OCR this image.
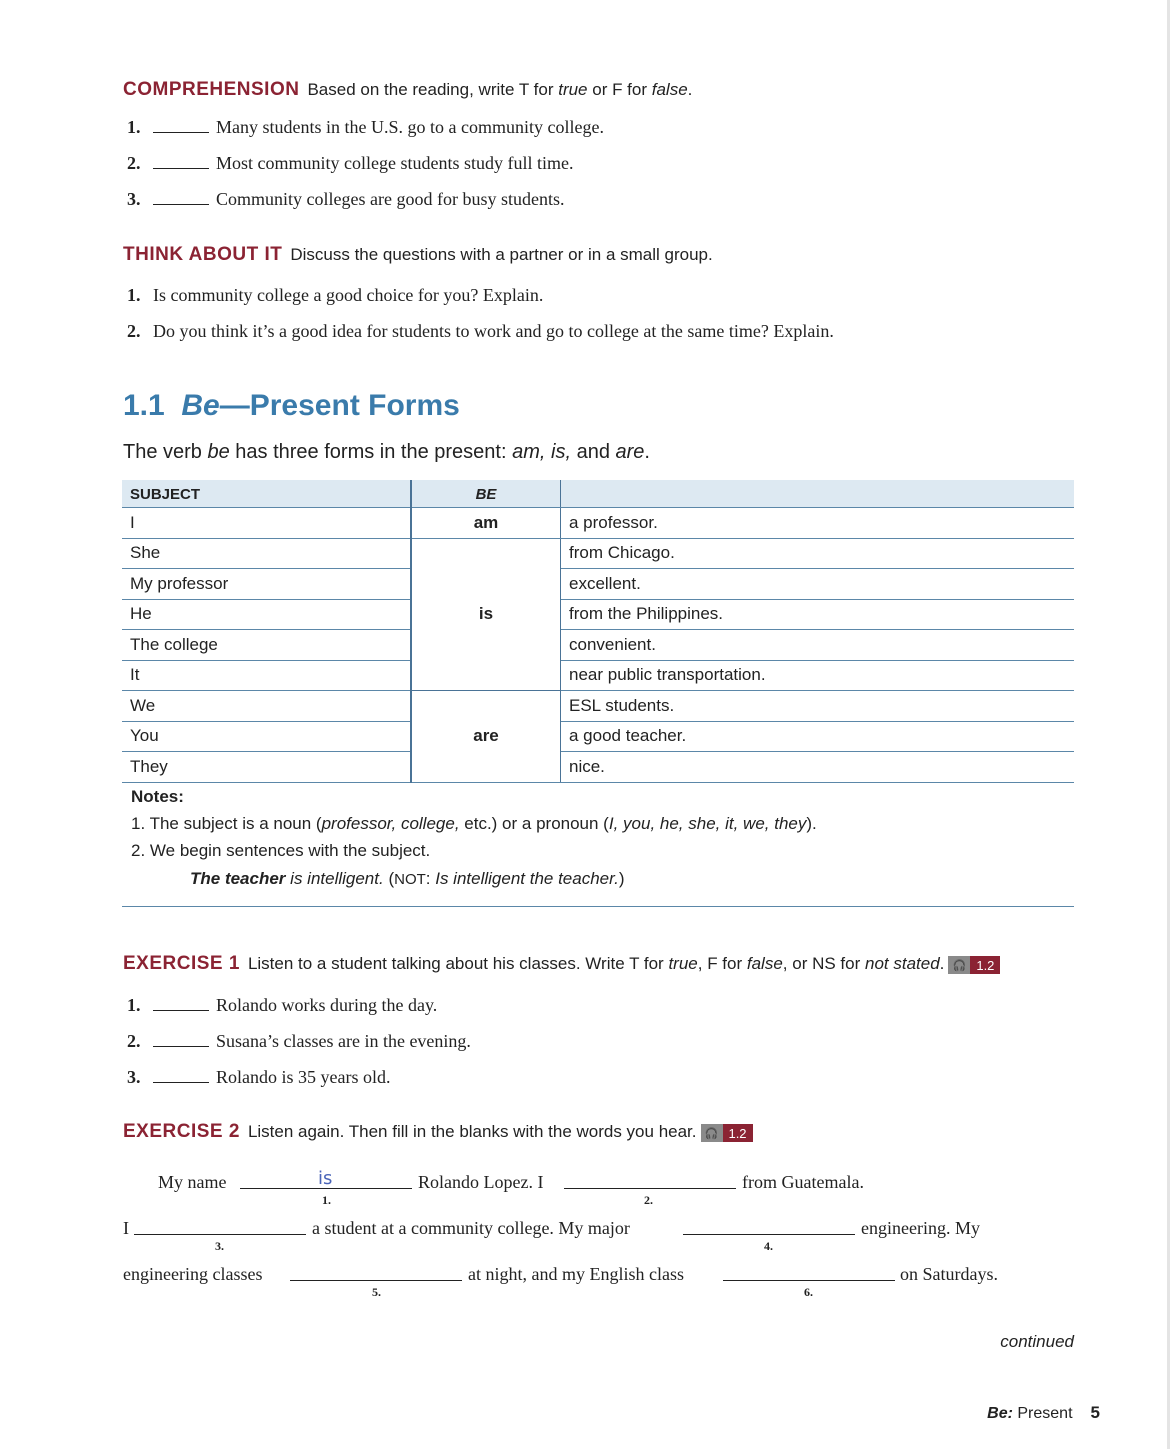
COMPREHENSION Based on the reading, write T for true or F for false.
1.	Many students in the U.S. go to a community college.
2.	Most community college students study full time.
3.	Community colleges are good for busy students.
THINK ABOUT IT Discuss the questions with a partner or in a small group.
1. Is community college a good choice for you? Explain.
2. Do you think it’s a good idea for students to work and go to college at the same time? Explain.
1.1 Be—Present Forms
The verb be has three forms in the present: am, is, and are.
SUBJECT	BE	
I	am	a professor.
She	is	from Chicago.
My professor		excellent.
He		from the Philippines.
The college		convenient.
It		near public transportation.
We	are	ESL students.
You		a good teacher.
They		nice.
Notes:
1. The subject is a noun (professor, college, etc.) or a pronoun (I, you, he, she, it, we, they).
2. We begin sentences with the subject.
The teacher is intelligent. (NOT: Is intelligent the teacher.)
EXERCISE 1 Listen to a student talking about his classes. Write T for true, F for false, or NS for not stated. 🎧 1.2
1.	Rolando works during the day.
2.	Susana’s classes are in the evening.
3.	Rolando is 35 years old.
EXERCISE 2 Listen again. Then fill in the blanks with the words you hear. 🎧 1.2
My name	is
1.
Rolando Lopez. I
2.
from Guatemala.
I
3.
a student at a community college. My major
4.
engineering. My
engineering classes
5.
at night, and my English class
6.
on Saturdays.
continued
Be: Present 5
